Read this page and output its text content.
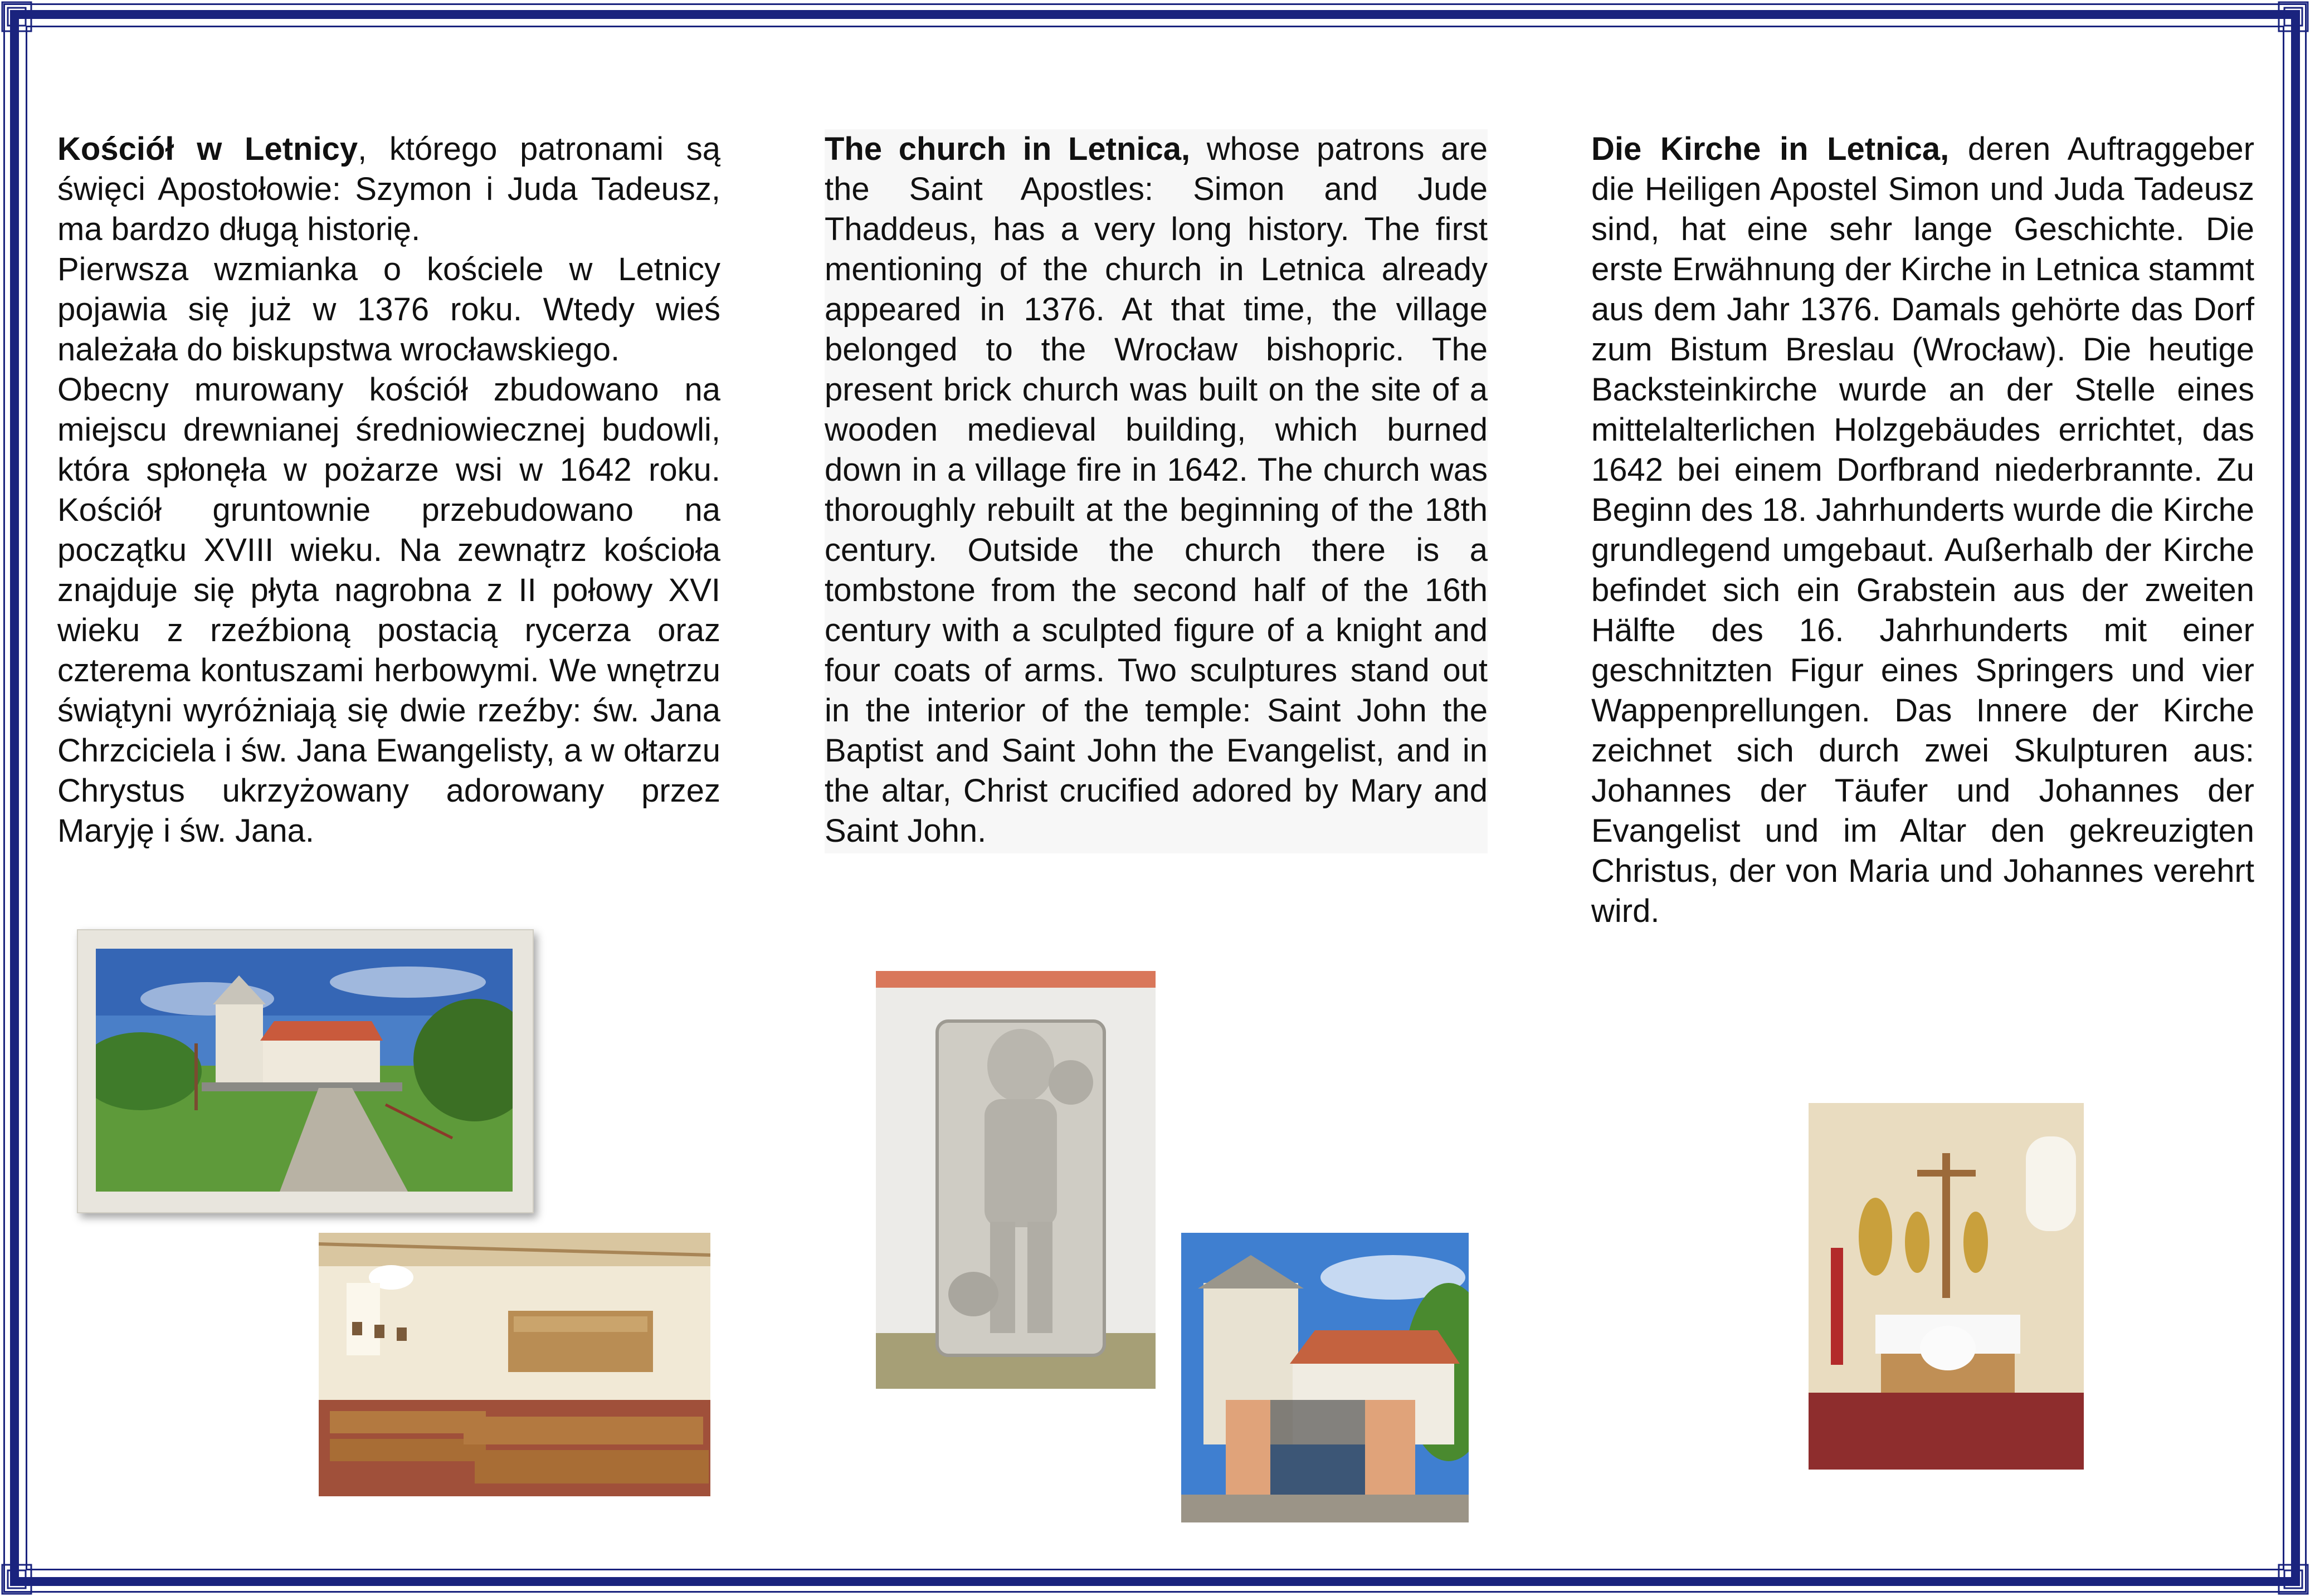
Kościół w Letnicy, którego patronami są święci Apostołowie: Szymon i Juda Tadeusz, ma bardzo długą historię.

Pierwsza wzmianka o kościele w Letnicy pojawia się już w 1376 roku. Wtedy wieś należała do biskupstwa wrocławskiego.

Obecny murowany kościół zbudowano na miejscu drewnianej średniowiecznej budowli, która spłonęła w pożarze wsi w 1642 roku. Kościół gruntownie przebudowano na początku XVIII wieku. Na zewnątrz kościoła znajduje się płyta nagrobna z II połowy XVI wieku z rzeźbioną postacią rycerza oraz czterema kontuszami herbowymi. We wnętrzu świątyni wyróżniają się dwie rzeźby: św. Jana Chrzciciela i św. Jana Ewangelisty, a w ołtarzu Chrystus ukrzyżowany adorowany przez Maryję i św. Jana.

The church in Letnica, whose patrons are the Saint Apostles: Simon and Jude Thaddeus, has a very long history. The first mentioning of the church in Letnica already appeared in 1376. At that time, the village belonged to the Wrocław bishopric. The present brick church was built on the site of a wooden medieval building, which burned down in a village fire in 1642. The church was thoroughly rebuilt at the beginning of the 18th century. Outside the church there is a tombstone from the second half of the 16th century with a sculpted figure of a knight and four coats of arms. Two sculptures stand out in the interior of the temple: Saint John the Baptist and Saint John the Evangelist, and in the altar, Christ crucified adored by Mary and Saint John.

Die Kirche in Letnica, deren Auftraggeber die Heiligen Apostel Simon und Juda Tadeusz sind, hat eine sehr lange Geschichte. Die erste Erwähnung der Kirche in Letnica stammt aus dem Jahr 1376. Damals gehörte das Dorf zum Bistum Breslau (Wrocław). Die heutige Backsteinkirche wurde an der Stelle eines mittelalterlichen Holzgebäudes errichtet, das 1642 bei einem Dorfbrand niederbrannte. Zu Beginn des 18. Jahrhunderts wurde die Kirche grundlegend umgebaut. Außerhalb der Kirche befindet sich ein Grabstein aus der zweiten Hälfte des 16. Jahrhunderts mit einer geschnitzten Figur eines Springers und vier Wappenprellungen. Das Innere der Kirche zeichnet sich durch zwei Skulpturen aus: Johannes der Täufer und Johannes der Evangelist und im Altar den gekreuzigten Christus, der von Maria und Johannes verehrt wird.
